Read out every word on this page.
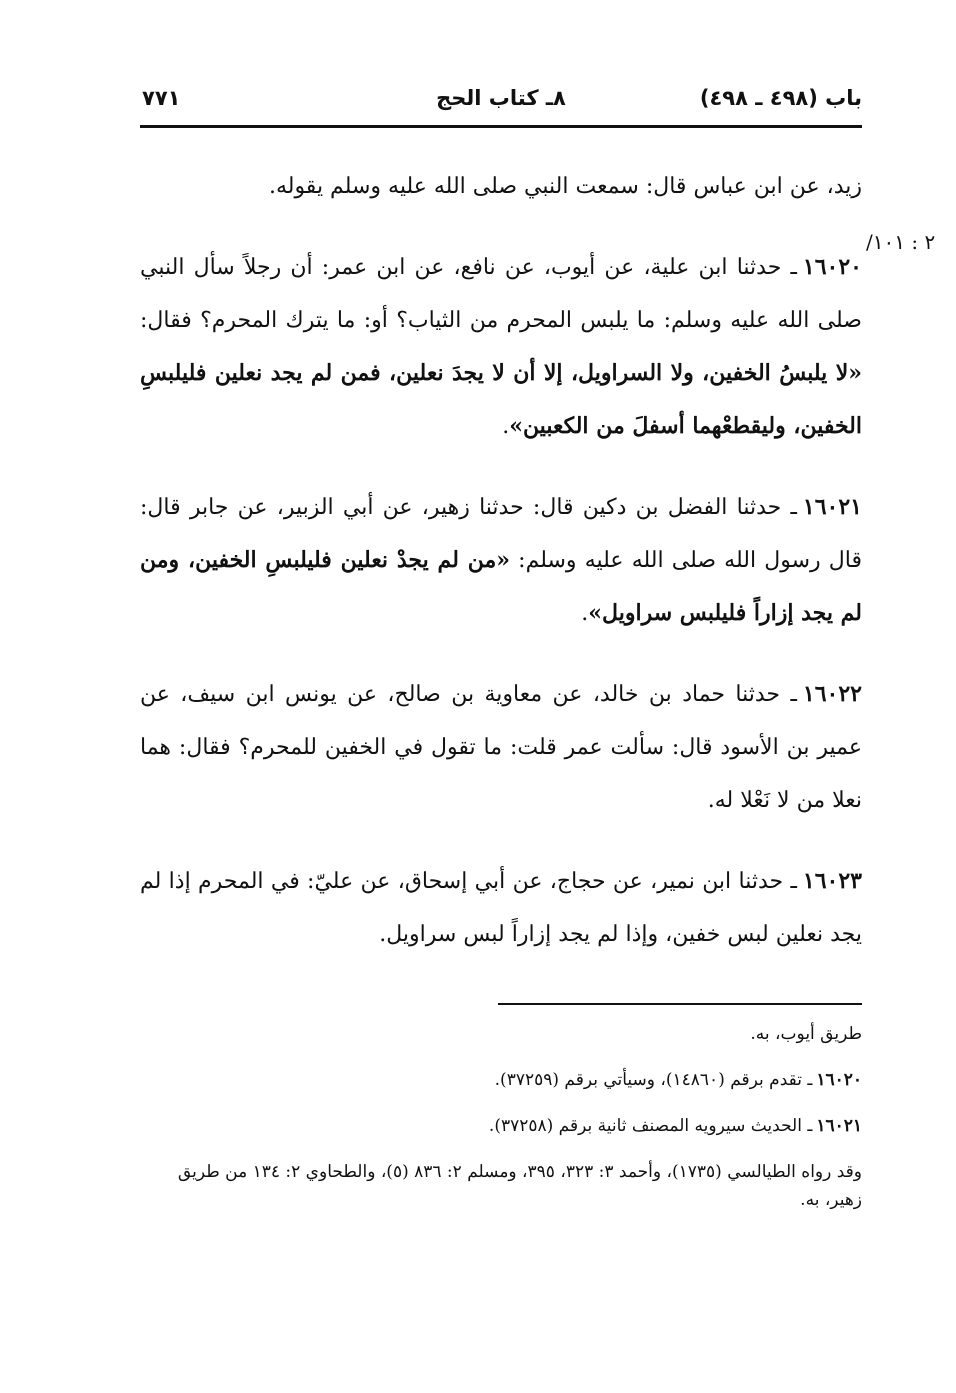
باب (٤٩٨ ـ ٤٩٨)
٨ـ كتاب الحج
٧٧١
/٢ : ١٠١

زيد، عن ابن عباس قال: سمعت النبي صلى الله عليه وسلم يقوله.

١٦٠٢٠ـ حدثنا ابن علية، عن أيوب، عن نافع، عن ابن عمر: أن رجلاً سأل النبي صلى الله عليه وسلم: ما يلبس المحرم من الثياب؟ أو: ما يترك المحرم؟ فقال: «لا يلبسُ الخفين، ولا السراويل، إلا أن لا يجدَ نعلين، فمن لم يجد نعلين فليلبسِ الخفين، وليقطعْهما أسفلَ من الكعبين».

١٦٠٢١ـ حدثنا الفضل بن دكين قال: حدثنا زهير، عن أبي الزبير، عن جابر قال: قال رسول الله صلى الله عليه وسلم: «من لم يجدْ نعلين فليلبسِ الخفين، ومن لم يجد إزاراً فليلبس سراويل».

١٦٠٢٢ـ حدثنا حماد بن خالد، عن معاوية بن صالح، عن يونس ابن سيف، عن عمير بن الأسود قال: سألت عمر قلت: ما تقول في الخفين للمحرم؟ فقال: هما نعلا من لا نَعْلا له.

١٦٠٢٣ـ حدثنا ابن نمير، عن حجاج، عن أبي إسحاق، عن عليّ: في المحرم إذا لم يجد نعلين لبس خفين، وإذا لم يجد إزاراً لبس سراويل.

طريق أيوب، به.

١٦٠٢٠ـ تقدم برقم (١٤٨٦٠)، وسيأتي برقم (٣٧٢٥٩).

١٦٠٢١ـ الحديث سيرويه المصنف ثانية برقم (٣٧٢٥٨).

وقد رواه الطيالسي (١٧٣٥)، وأحمد ٣: ٣٢٣، ٣٩٥، ومسلم ٢: ٨٣٦ (٥)، والطحاوي ٢: ١٣٤ من طريق زهير، به.
